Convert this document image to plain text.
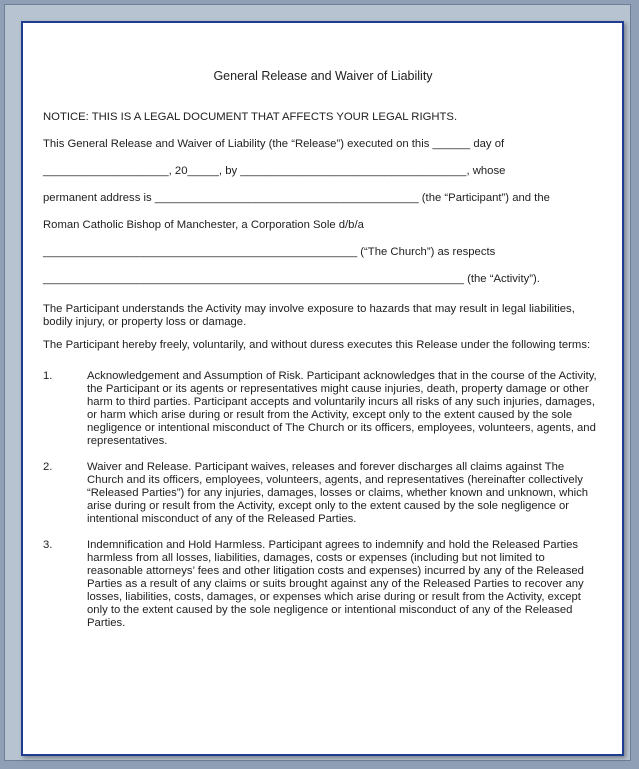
General Release and Waiver of Liability
NOTICE: THIS IS A LEGAL DOCUMENT THAT AFFECTS YOUR LEGAL RIGHTS.
This General Release and Waiver of Liability (the “Release”) executed on this ______ day of
____________________, 20_____, by ____________________________________, whose
permanent address is __________________________________________ (the “Participant”) and the
Roman Catholic Bishop of Manchester, a Corporation Sole d/b/a
__________________________________________________ (“The Church”) as respects
___________________________________________________________________ (the “Activity”).

The Participant understands the Activity may involve exposure to hazards that may result in legal liabilities, bodily injury, or property loss or damage.

The Participant hereby freely, voluntarily, and without duress executes this Release under the following terms:

1.	Acknowledgement and Assumption of Risk. Participant acknowledges that in the course of the Activity, the Participant or its agents or representatives might cause injuries, death, property damage or other harm to third parties. Participant accepts and voluntarily incurs all risks of any such injuries, damages, or harm which arise during or result from the Activity, except only to the extent caused by the sole negligence or intentional misconduct of The Church or its officers, employees, volunteers, agents, and representatives.
2.	Waiver and Release. Participant waives, releases and forever discharges all claims against The Church and its officers, employees, volunteers, agents, and representatives (hereinafter collectively “Released Parties”) for any injuries, damages, losses or claims, whether known and unknown, which arise during or result from the Activity, except only to the extent caused by the sole negligence or intentional misconduct of any of the Released Parties.
3.	Indemnification and Hold Harmless. Participant agrees to indemnify and hold the Released Parties harmless from all losses, liabilities, damages, costs or expenses (including but not limited to reasonable attorneys’ fees and other litigation costs and expenses) incurred by any of the Released Parties as a result of any claims or suits brought against any of the Released Parties to recover any losses, liabilities, costs, damages, or expenses which arise during or result from the Activity, except only to the extent caused by the sole negligence or intentional misconduct of any of the Released Parties.
